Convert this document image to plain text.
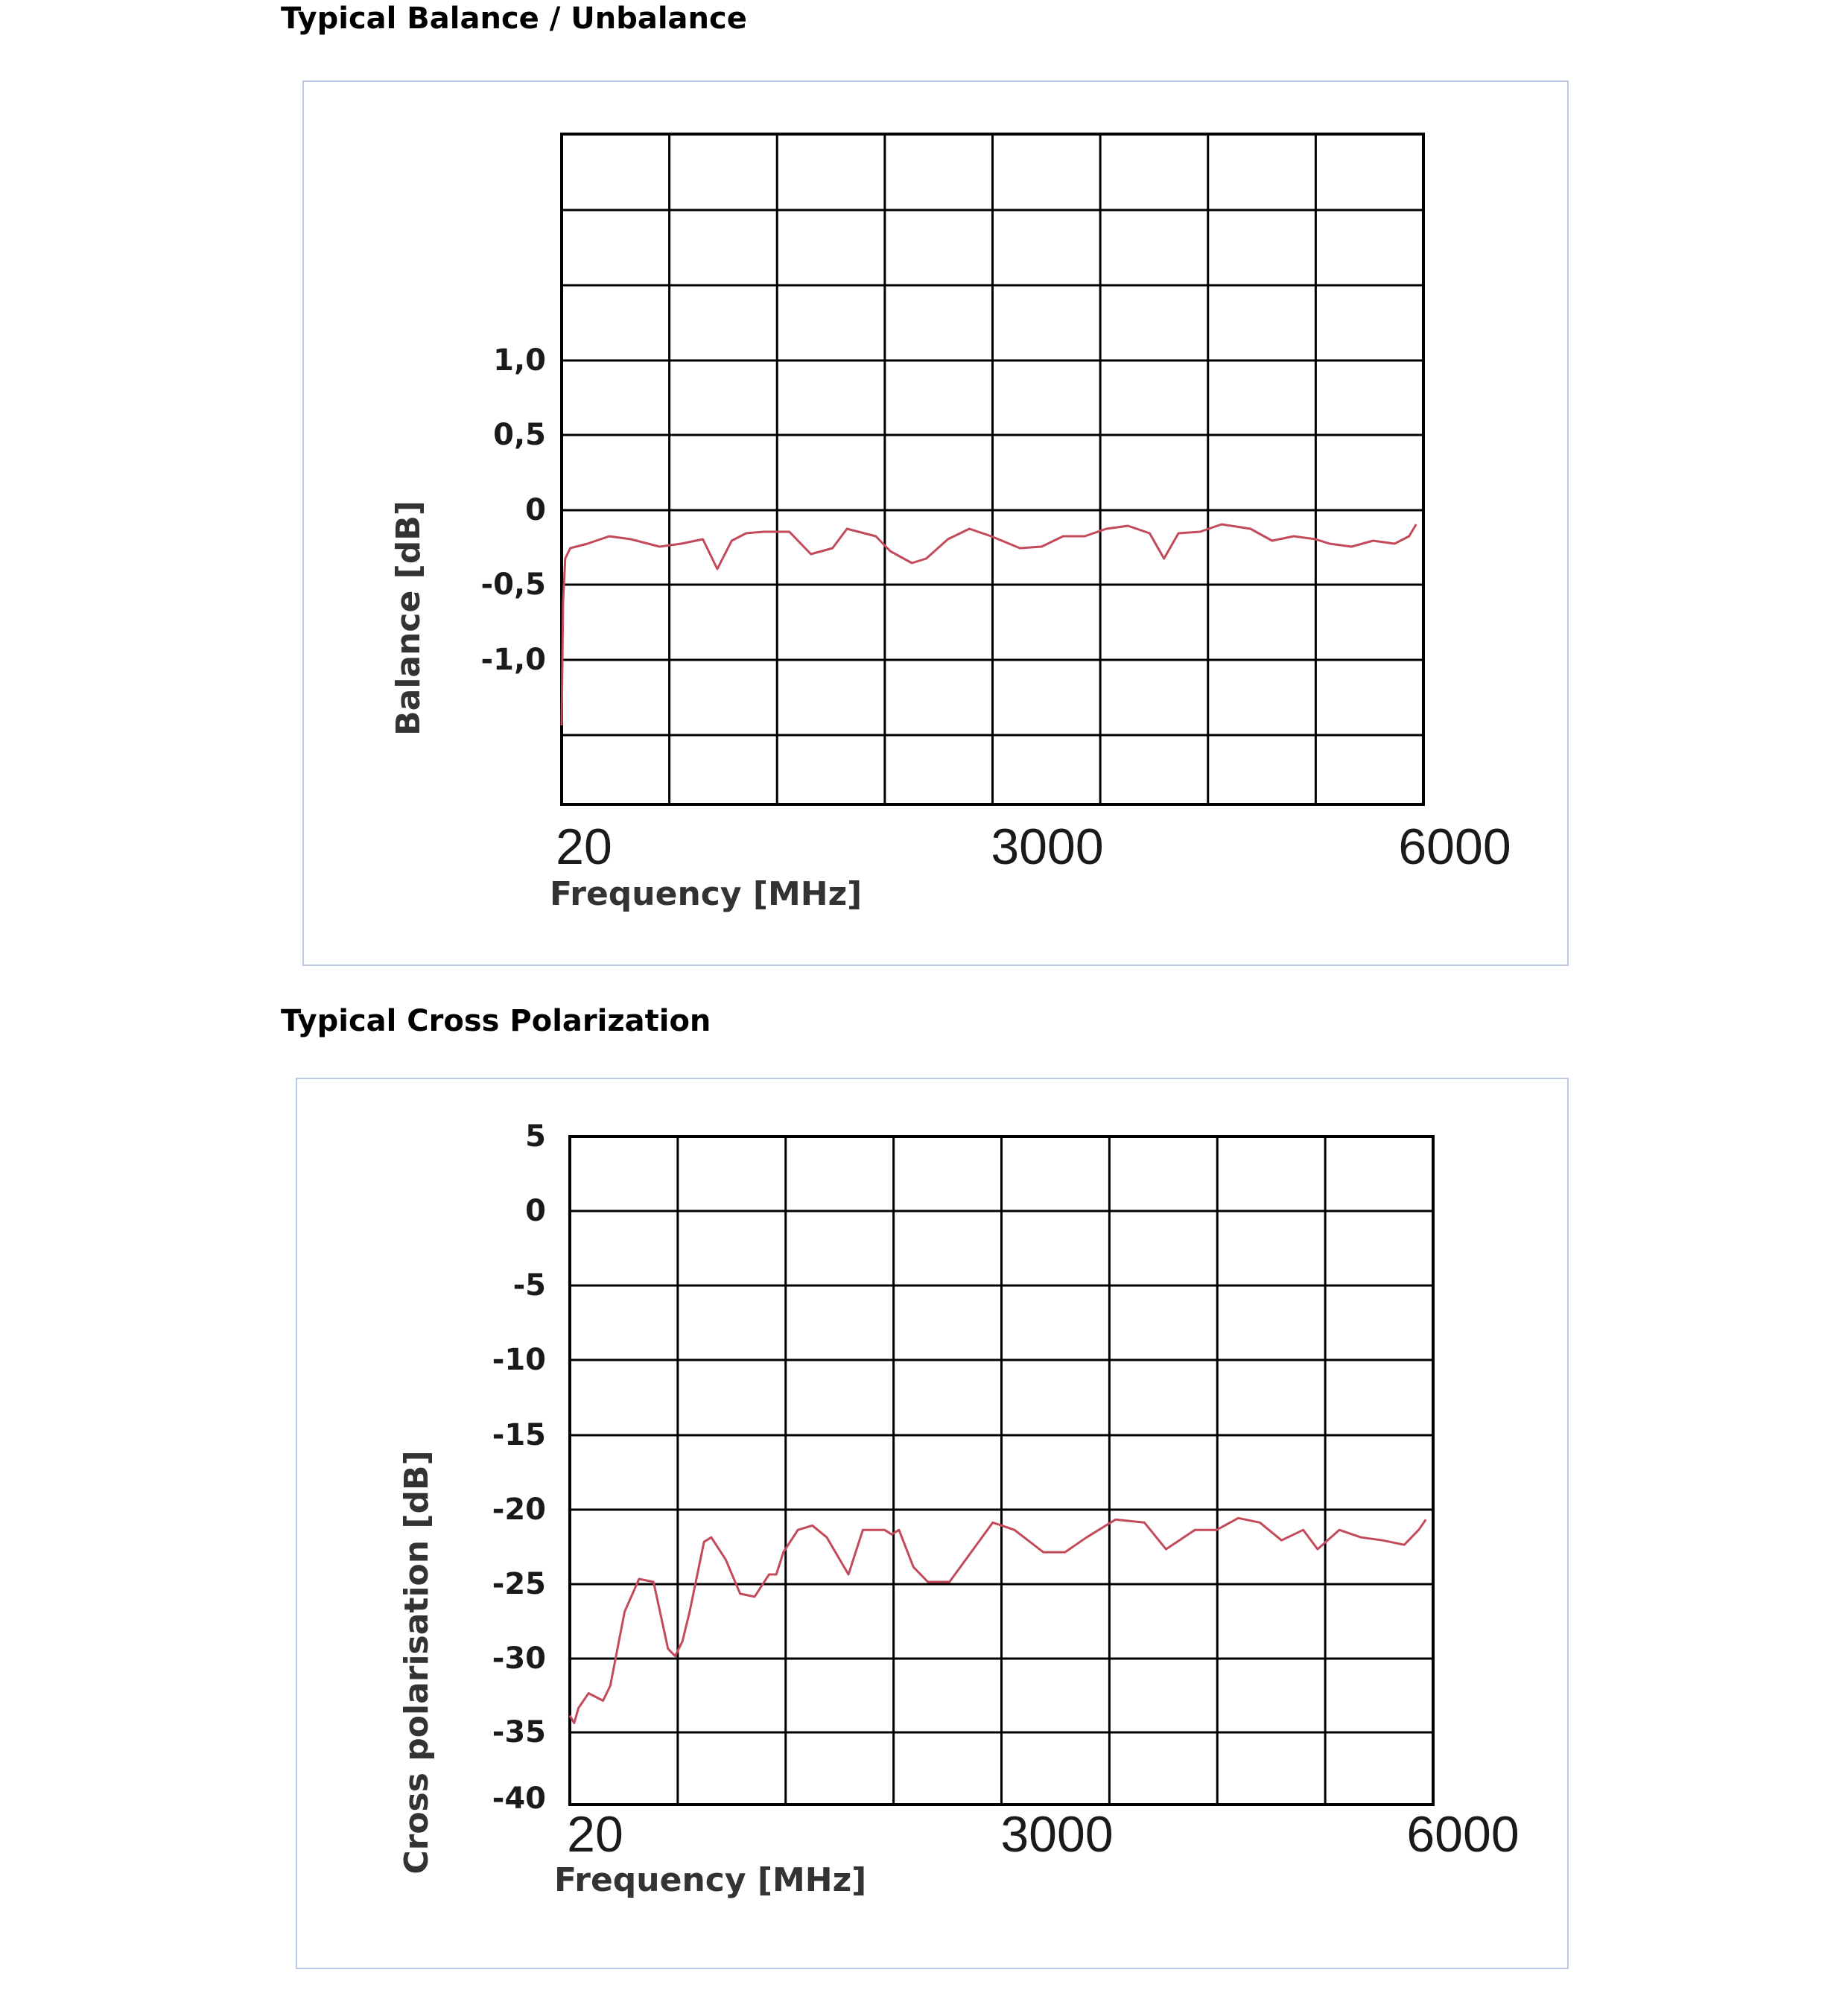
Typical Balance / Unbalance
Typical Cross Polarization
1,0
0,5
0
-0,5
-1,0
20	3000	6000
Frequency [MHz]
Balance [dB]
5
0
-5
-10
-15
-20
-25
-30
-35
-40
20	3000	6000
Frequency [MHz]
Cross polarisation [dB]
